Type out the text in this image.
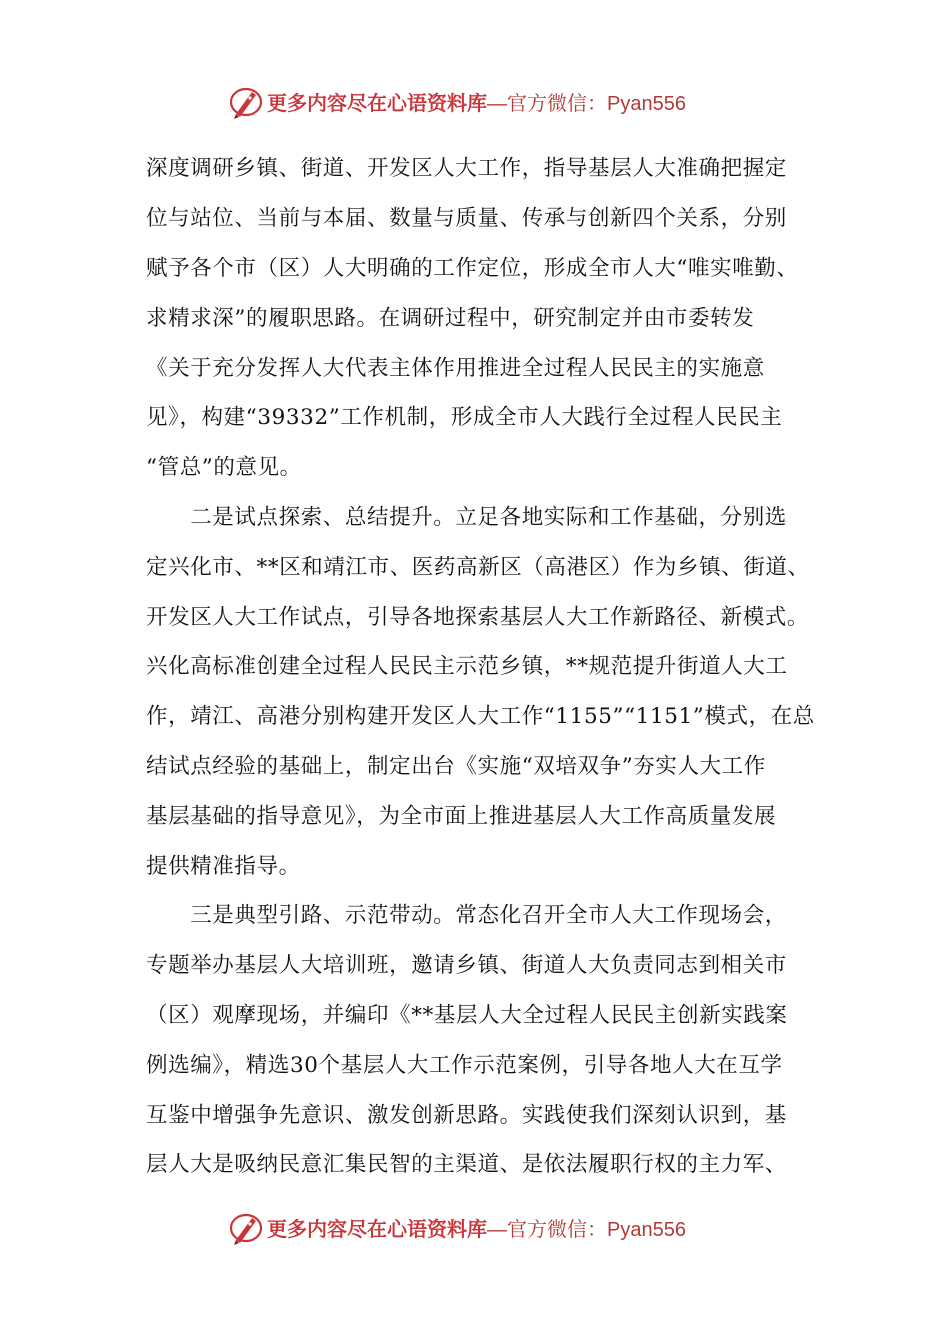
更多内容尽在心语资料库—官方微信：Pyan556

深度调研乡镇、街道、开发区人大工作，指导基层人大准确把握定

位与站位、当前与本届、数量与质量、传承与创新四个关系，分别

赋予各个市（区）人大明确的工作定位，形成全市人大“唯实唯勤、

求精求深”的履职思路。在调研过程中，研究制定并由市委转发

《关于充分发挥人大代表主体作用推进全过程人民民主的实施意

见》，构建“39332”工作机制，形成全市人大践行全过程人民民主

“管总”的意见。

　　二是试点探索、总结提升。立足各地实际和工作基础，分别选

定兴化市、**区和靖江市、医药高新区（高港区）作为乡镇、街道、

开发区人大工作试点，引导各地探索基层人大工作新路径、新模式。

兴化高标准创建全过程人民民主示范乡镇，**规范提升街道人大工

作，靖江、高港分别构建开发区人大工作“1155”“1151”模式，在总

结试点经验的基础上，制定出台《实施“双培双争”夯实人大工作

基层基础的指导意见》，为全市面上推进基层人大工作高质量发展

提供精准指导。

　　三是典型引路、示范带动。常态化召开全市人大工作现场会，

专题举办基层人大培训班，邀请乡镇、街道人大负责同志到相关市

（区）观摩现场，并编印《**基层人大全过程人民民主创新实践案

例选编》，精选30个基层人大工作示范案例，引导各地人大在互学

互鉴中增强争先意识、激发创新思路。实践使我们深刻认识到，基

层人大是吸纳民意汇集民智的主渠道、是依法履职行权的主力军、

更多内容尽在心语资料库—官方微信：Pyan556
